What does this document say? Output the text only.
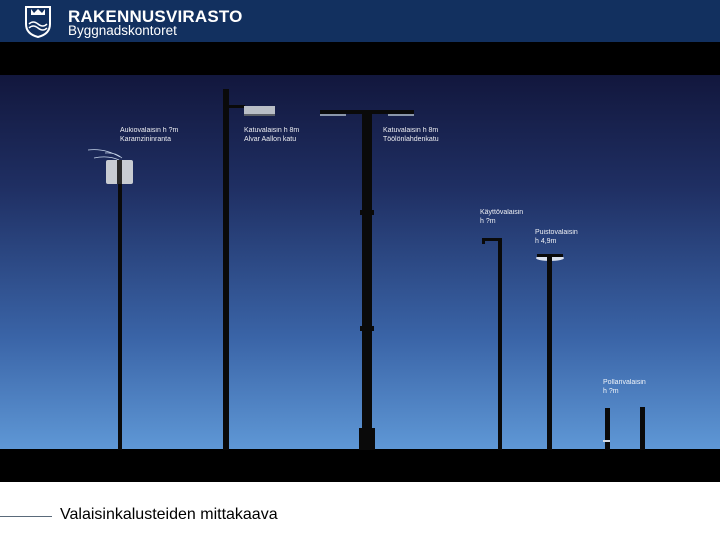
RAKENNUSVIRASTO
Byggnadskontoret
Aukiovalaisin h ?m
Karamzininranta
Katuvalaisin h 8m
Alvar Aallon katu
Katuvalaisin h 8m
Töölönlahdenkatu
Käyttövalaisin
h ?m
Puistovalaisin
h 4,9m
Pollarivalaisin
h ?m
Valaisinkalusteiden mittakaava
